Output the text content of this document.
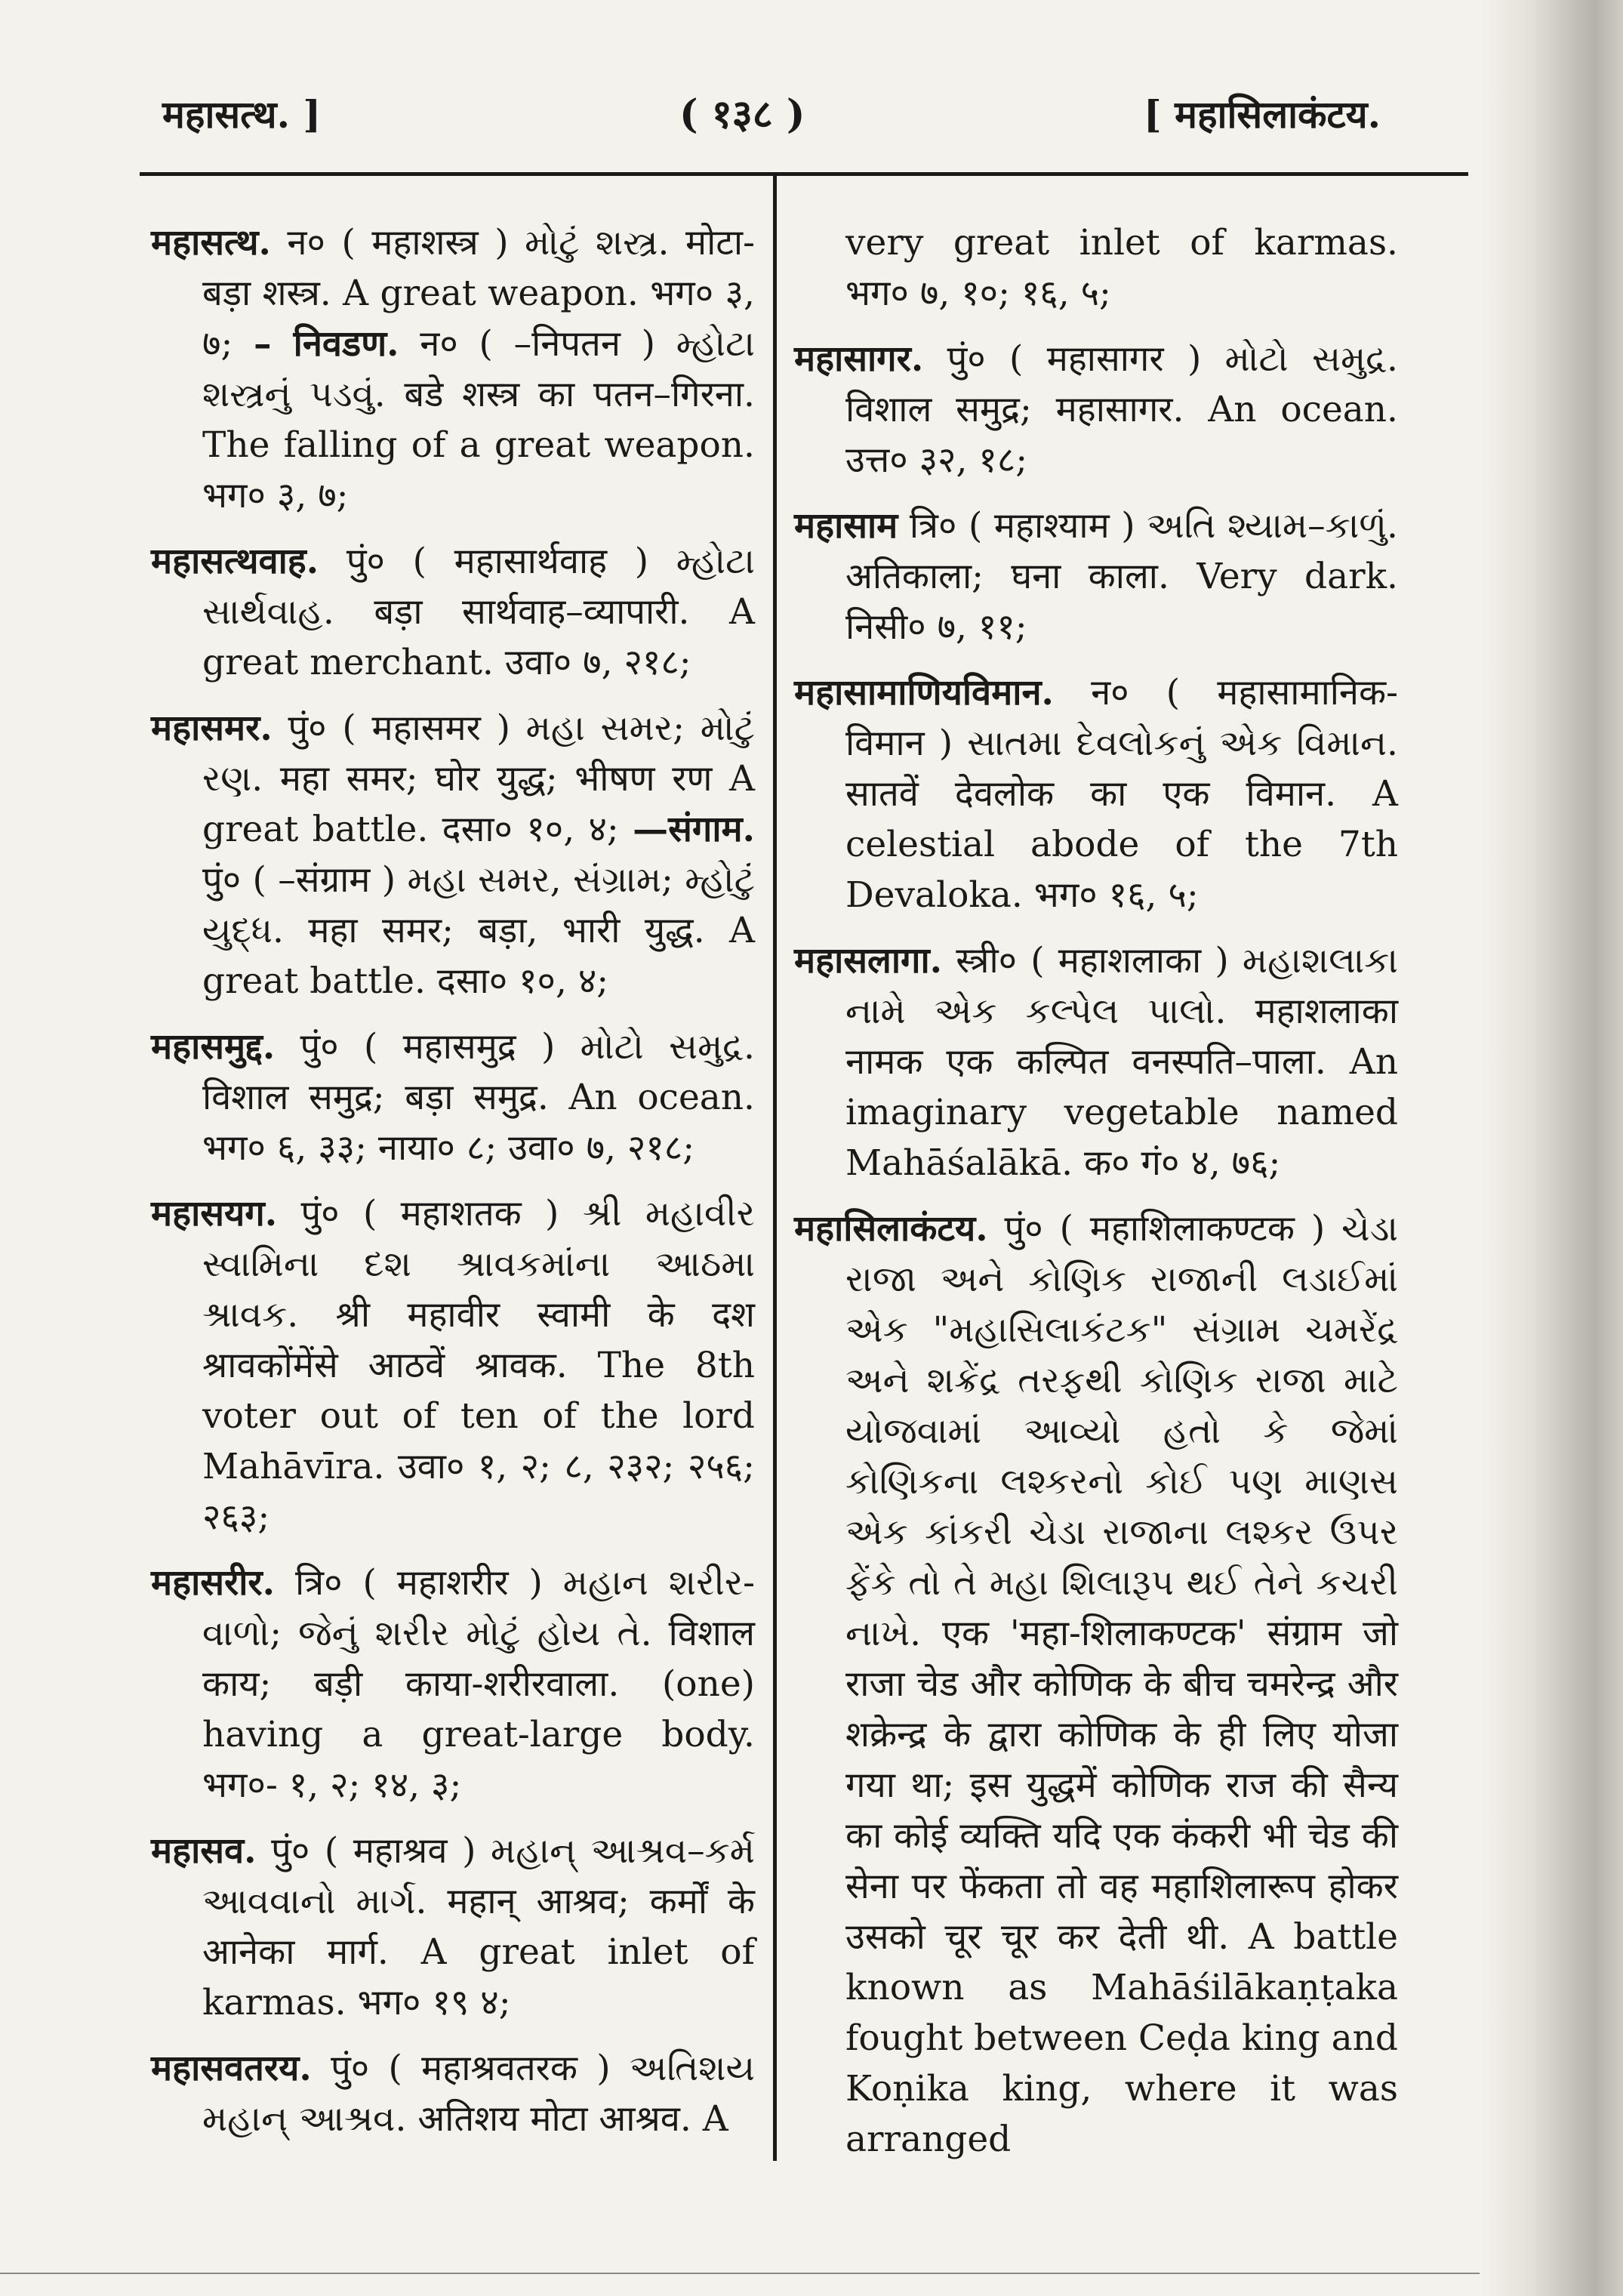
महासत्थ. ]	( १३८ )	[ महासिलाकंटय.

महासत्थ. न० ( महाशस्त्र ) મોટું શસ્ત્ર. मोटा-बड़ा शस्त्र. A great weapon. भग० ३, ७; – निवडण. न० ( –निपतन ) મ્હોટા શસ્ત્રનું પડવું. बडे शस्त्र का पतन–गिरना. The falling of a great weapon. भग० ३, ७;

महासत्थवाह. पुं० ( महासार्थवाह ) મ્હોટા સાર્થવાહ. बड़ा सार्थवाह–व्यापारी. A great merchant. उवा० ७, २१८;

महासमर. पुं० ( महासमर ) મહા સમર; મોટું રણ. महा समर; घोर युद्ध; भीषण रण A great battle. दसा० १०, ४; —संगाम. पुं० ( –संग्राम ) મહા સમર, સંગ્રામ; મ્હોટું યુદ્ધ. महा समर; बड़ा, भारी युद्ध. A great battle. दसा० १०, ४;

महासमुद्द. पुं० ( महासमुद्र ) મોટો સમુદ્ર. विशाल समुद्र; बड़ा समुद्र. An ocean. भग० ६, ३३; नाया० ८; उवा० ७, २१८;

महासयग. पुं० ( महाशतक ) શ્રી મહાવીર સ્વામિના દશ શ્રાવકમાંના આઠમા શ્રાવક. श्री महावीर स्वामी के दश श्रावकोंमेंसे आठवें श्रावक. The 8th voter out of ten of the lord Mahāvīra. उवा० १, २; ८, २३२; २५६; २६३;

महासरीर. त्रि० ( महाशरीर ) મહાન શરીર-વાળો; જેનું શરીર મોટું હોય તે. विशाल काय; बड़ी काया-शरीरवाला. (one) having a great-large body. भग०- १, २; १४, ३;

महासव. पुं० ( महाश्रव ) મહાન્ આશ્રવ–કર્મ આવવાનો માર્ગ. महान् आश्रव; कर्मों के आनेका मार्ग. A great inlet of karmas. भग० १९ ४;

महासवतरय. पुं० ( महाश्रवतरक ) અતિશય મહાન્ આશ્રવ. अतिशय मोटा आश्रव. A

very great inlet of karmas. भग० ७, १०; १६, ५;

महासागर. पुं० ( महासागर ) મોટો સમુદ્ર. विशाल समुद्र; महासागर. An ocean. उत्त० ३२, १८;

महासाम त्रि० ( महाश्याम ) અતિ શ્યામ–કાળું. अतिकाला; घना काला. Very dark. निसी० ७, ११;

महासामाणियविमान. न० ( महासामानिक-विमान ) સાતમા દેવલોકનું એક વિમાન. सातवें देवलोक का एक विमान. A celestial abode of the 7th Devaloka. भग० १६, ५;

महासलागा. स्त्री० ( महाशलाका ) મહાશલાકા નામે એક કલ્પેલ પાલો. महाशलाका नामक एक कल्पित वनस्पति–पाला. An imaginary vegetable named Mahāśalākā. क० गं० ४, ७६;

महासिलाकंटय. पुं० ( महाशिलाकण्टक ) ચેડા રાજા અને કોણિક રાજાની લડાઈમાં એક "મહાસિલાકંટક" સંગ્રામ ચમરેંદ્ર અને શક્રેંદ્ર તરફથી કોણિક રાજા માટે યોજવામાં આવ્યો હતો કે જેમાં કોણિકના લશ્કરનો કોઈ પણ માણસ એક કાંકરી ચેડા રાજાના લશ્કર ઉપર ફેંકે તો તે મહા શિલારૂપ થઈ તેને કચરી નાખે. एक 'महा-शिलाकण्टक' संग्राम जो राजा चेड और कोणिक के बीच चमरेन्द्र और शक्रेन्द्र के द्वारा कोणिक के ही लिए योजा गया था; इस युद्धमें कोणिक राज की सैन्य का कोई व्यक्ति यदि एक कंकरी भी चेड की सेना पर फेंकता तो वह महाशिलारूप होकर उसको चूर चूर कर देती थी. A battle known as Mahāśilākaṇṭaka fought between Ceḍa king and Koṇika king, where it was arranged
